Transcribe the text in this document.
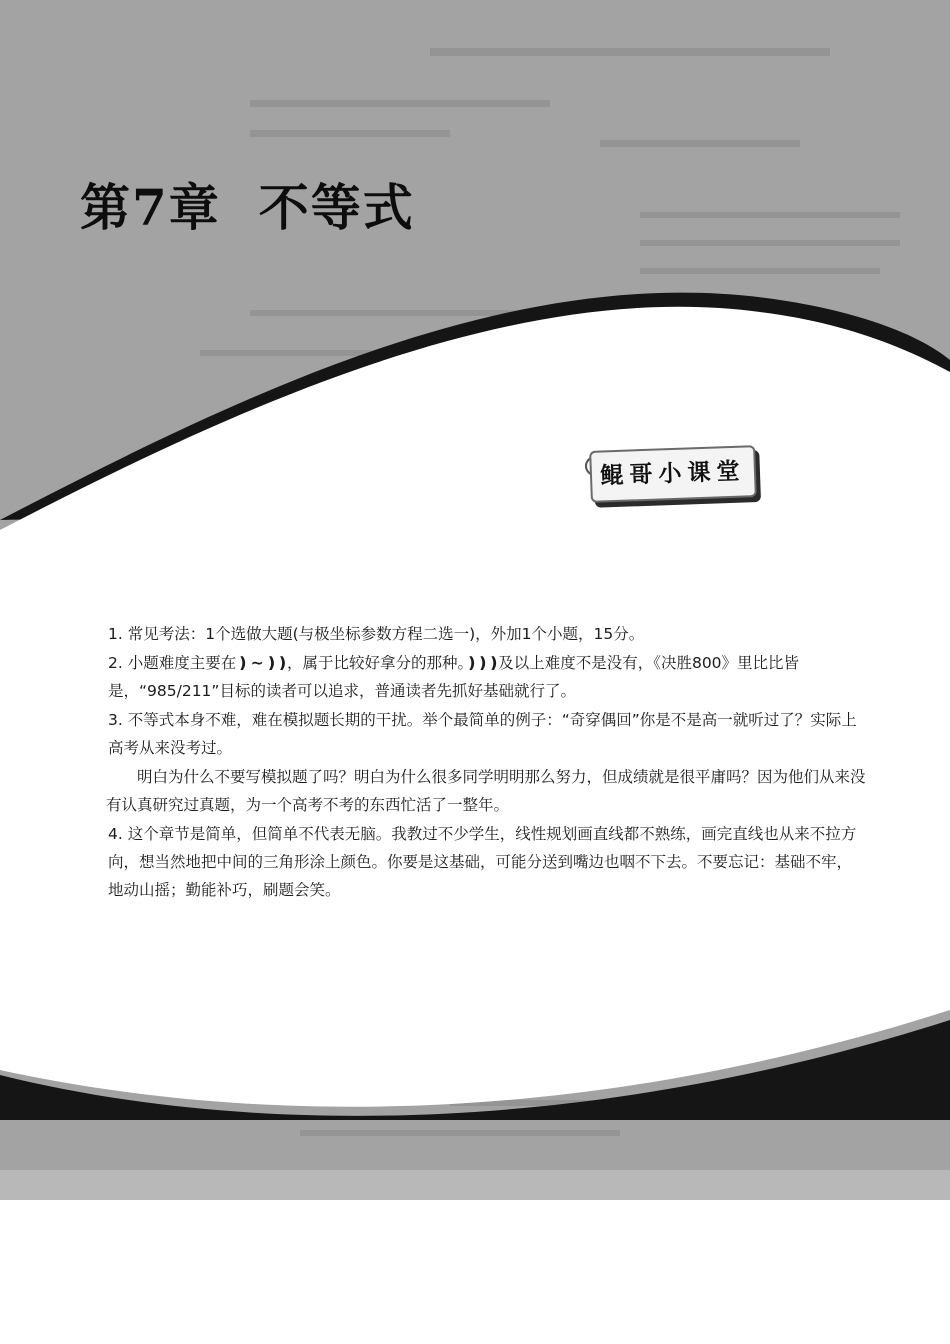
第7章 不等式
鲲哥小课堂

1. 常见考法：1个选做大题(与极坐标参数方程二选一)，外加1个小题，15分。

2. 小题难度主要在❫ ~ ❫❫，属于比较好拿分的那种。❫❫❫及以上难度不是没有，《决胜800》里比比皆是，“985/211”目标的读者可以追求，普通读者先抓好基础就行了。

3. 不等式本身不难，难在模拟题长期的干扰。举个最简单的例子：“奇穿偶回”你是不是高一就听过了？实际上高考从来没考过。

明白为什么不要写模拟题了吗？明白为什么很多同学明明那么努力，但成绩就是很平庸吗？因为他们从来没有认真研究过真题，为一个高考不考的东西忙活了一整年。

4. 这个章节是简单，但简单不代表无脑。我教过不少学生，线性规划画直线都不熟练，画完直线也从来不拉方向，想当然地把中间的三角形涂上颜色。你要是这基础，可能分送到嘴边也咽不下去。不要忘记：基础不牢，地动山摇；勤能补巧，刷题会笑。
